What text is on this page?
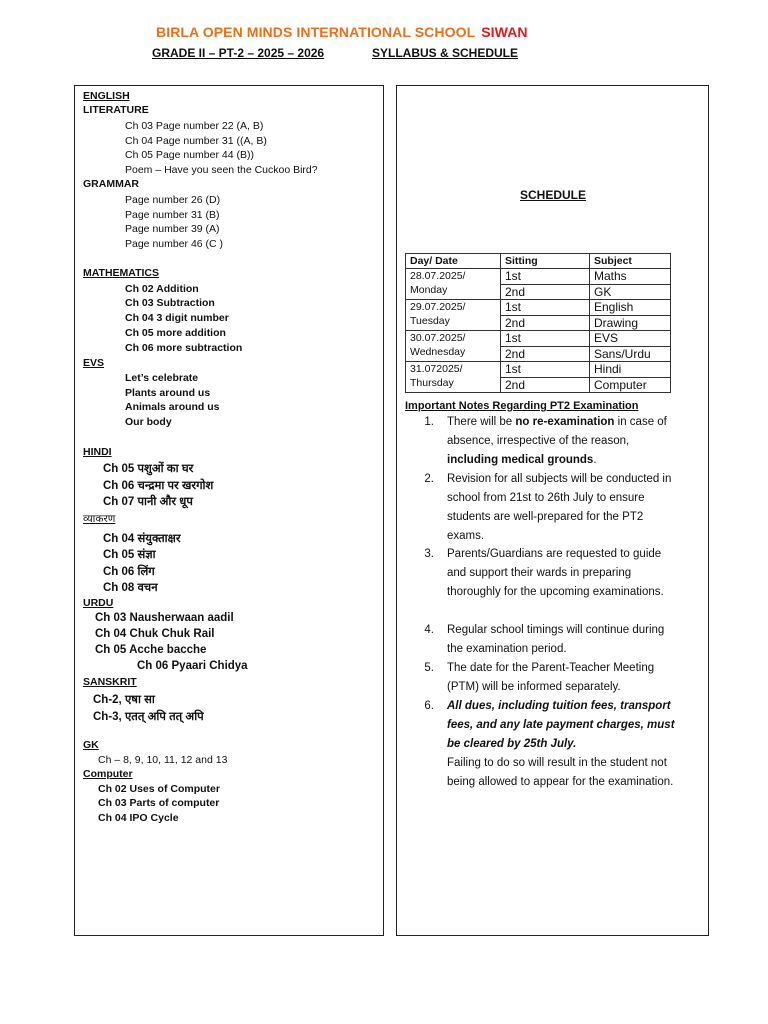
BIRLA OPEN MINDS INTERNATIONAL SCHOOL SIWAN
GRADE II – PT-2 – 2025 – 2026	SYLLABUS & SCHEDULE
ENGLISH
LITERATURE
Ch 03 Page number 22 (A, B)
Ch 04 Page number 31 ((A, B)
Ch 05 Page number 44 (B))
Poem – Have you seen the Cuckoo Bird?
GRAMMAR
Page number 26 (D)
Page number 31 (B)
Page number 39 (A)
Page number 46 (C )
MATHEMATICS
Ch 02 Addition
Ch 03 Subtraction
Ch 04 3 digit number
Ch 05 more addition
Ch 06 more subtraction
EVS
Let’s celebrate
Plants around us
Animals around us
Our body
HINDI
Ch 05 पशुओं का घर
Ch 06 चन्द्रमा पर खरगोश
Ch 07 पानी और धूप
व्याकरण
Ch 04 संयुक्ताक्षर
Ch 05 संज्ञा
Ch 06 लिंग
Ch 08 वचन
URDU
Ch 03 Nausherwaan aadil
Ch 04 Chuk Chuk Rail
Ch 05 Acche bacche
Ch 06 Pyaari Chidya
SANSKRIT
Ch-2, एषा सा
Ch-3, एतत् अपि तत् अपि
GK
Ch – 8, 9, 10, 11, 12 and 13
Computer
Ch 02 Uses of Computer
Ch 03 Parts of computer
Ch 04 IPO Cycle
SCHEDULE
Day/ Date	Sitting	Subject

28.07.2025/
Monday	1st	Maths
	2nd	GK

29.07.2025/
Tuesday	1st	English
	2nd	Drawing

30.07.2025/
Wednesday	1st	EVS
	2nd	Sans/Urdu

31.072025/
Thursday	1st	Hindi
	2nd	Computer
Important Notes Regarding PT2 Examination
1. There will be no re-examination in case of absence, irrespective of the reason, including medical grounds.
2. Revision for all subjects will be conducted in school from 21st to 26th July to ensure students are well-prepared for the PT2 exams.
3. Parents/Guardians are requested to guide and support their wards in preparing thoroughly for the upcoming examinations.
4. Regular school timings will continue during the examination period.
5. The date for the Parent-Teacher Meeting (PTM) will be informed separately.
6. All dues, including tuition fees, transport fees, and any late payment charges, must be cleared by 25th July.
Failing to do so will result in the student not being allowed to appear for the examination.
